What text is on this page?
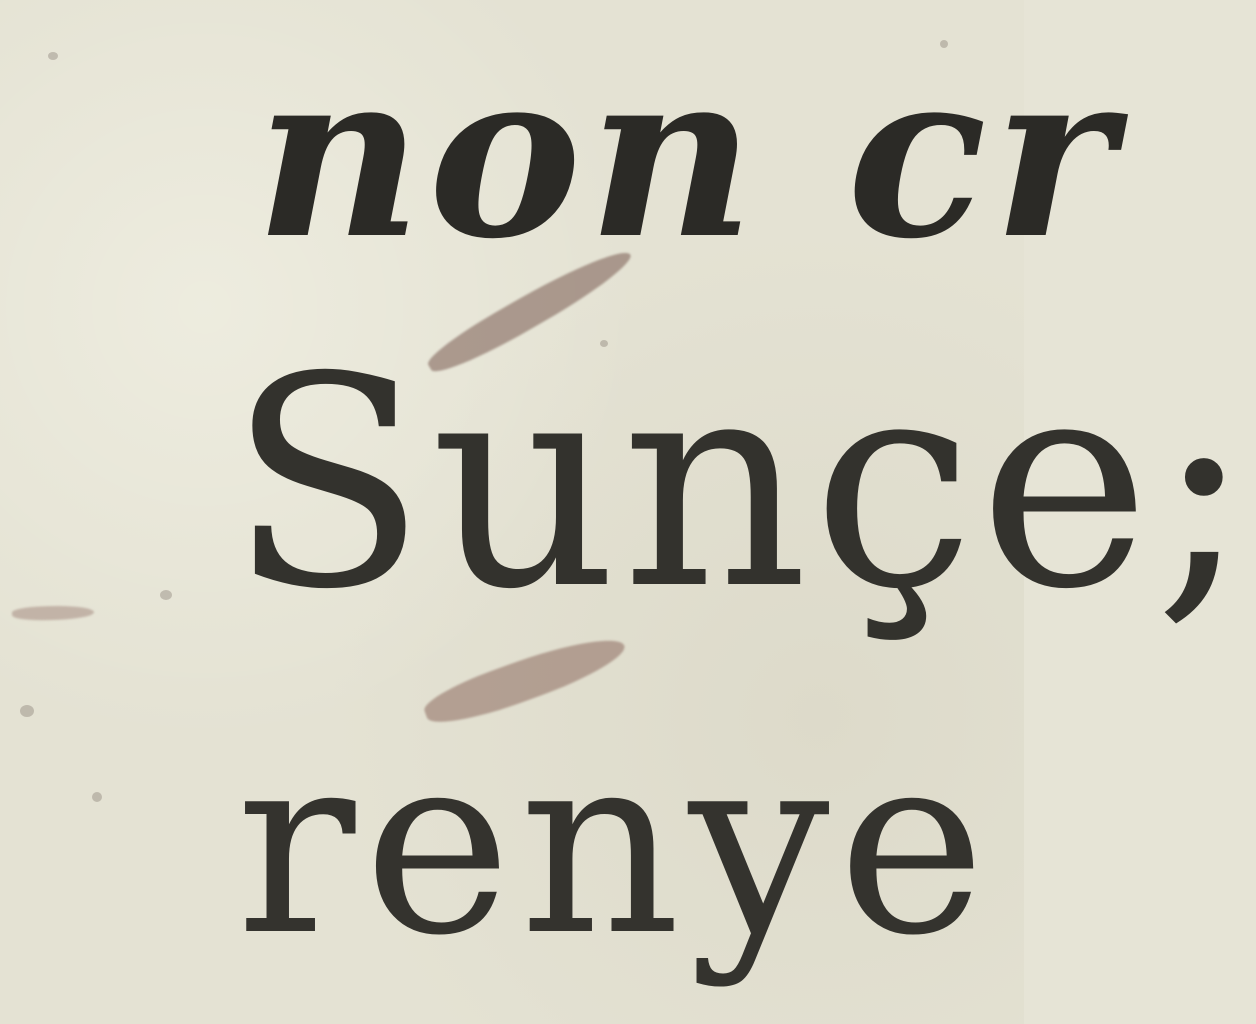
non cr
Sunçe;
renye
